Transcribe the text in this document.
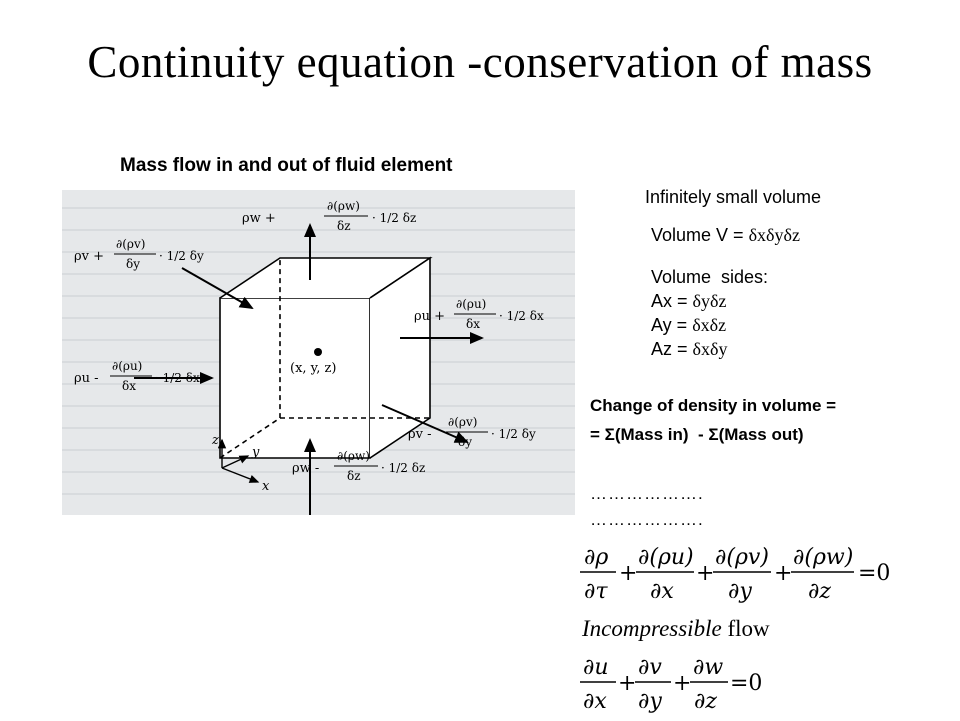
Continuity equation -conservation of mass
Mass flow in and out of fluid element
(x, y, z)
ρw +
∂(ρw)
δz
· 1/2 δz
ρv +
∂(ρv)
δy
· 1/2 δy
ρu +
∂(ρu)
δx
· 1/2 δx
ρu -
∂(ρu)
δx
· 1/2 δx
ρv -
∂(ρv)
δy
· 1/2 δy
ρw -
∂(ρw)
δz
· 1/2 δz
z
y
x
Infinitely small volume
Volume V = δxδyδz
Volume  sides:
Ax = δyδz
Ay = δxδz
Az = δxδy
Change of density in volume =
= Σ(Mass in)  - Σ(Mass out)
……………….
……………….
∂ρ
∂τ
+
∂(ρu)
∂x
+
∂(ρv)
∂y
+
∂(ρw)
∂z
=0
Incompressible flow
∂u
∂x
+
∂v
∂y
+
∂w
∂z
=0
